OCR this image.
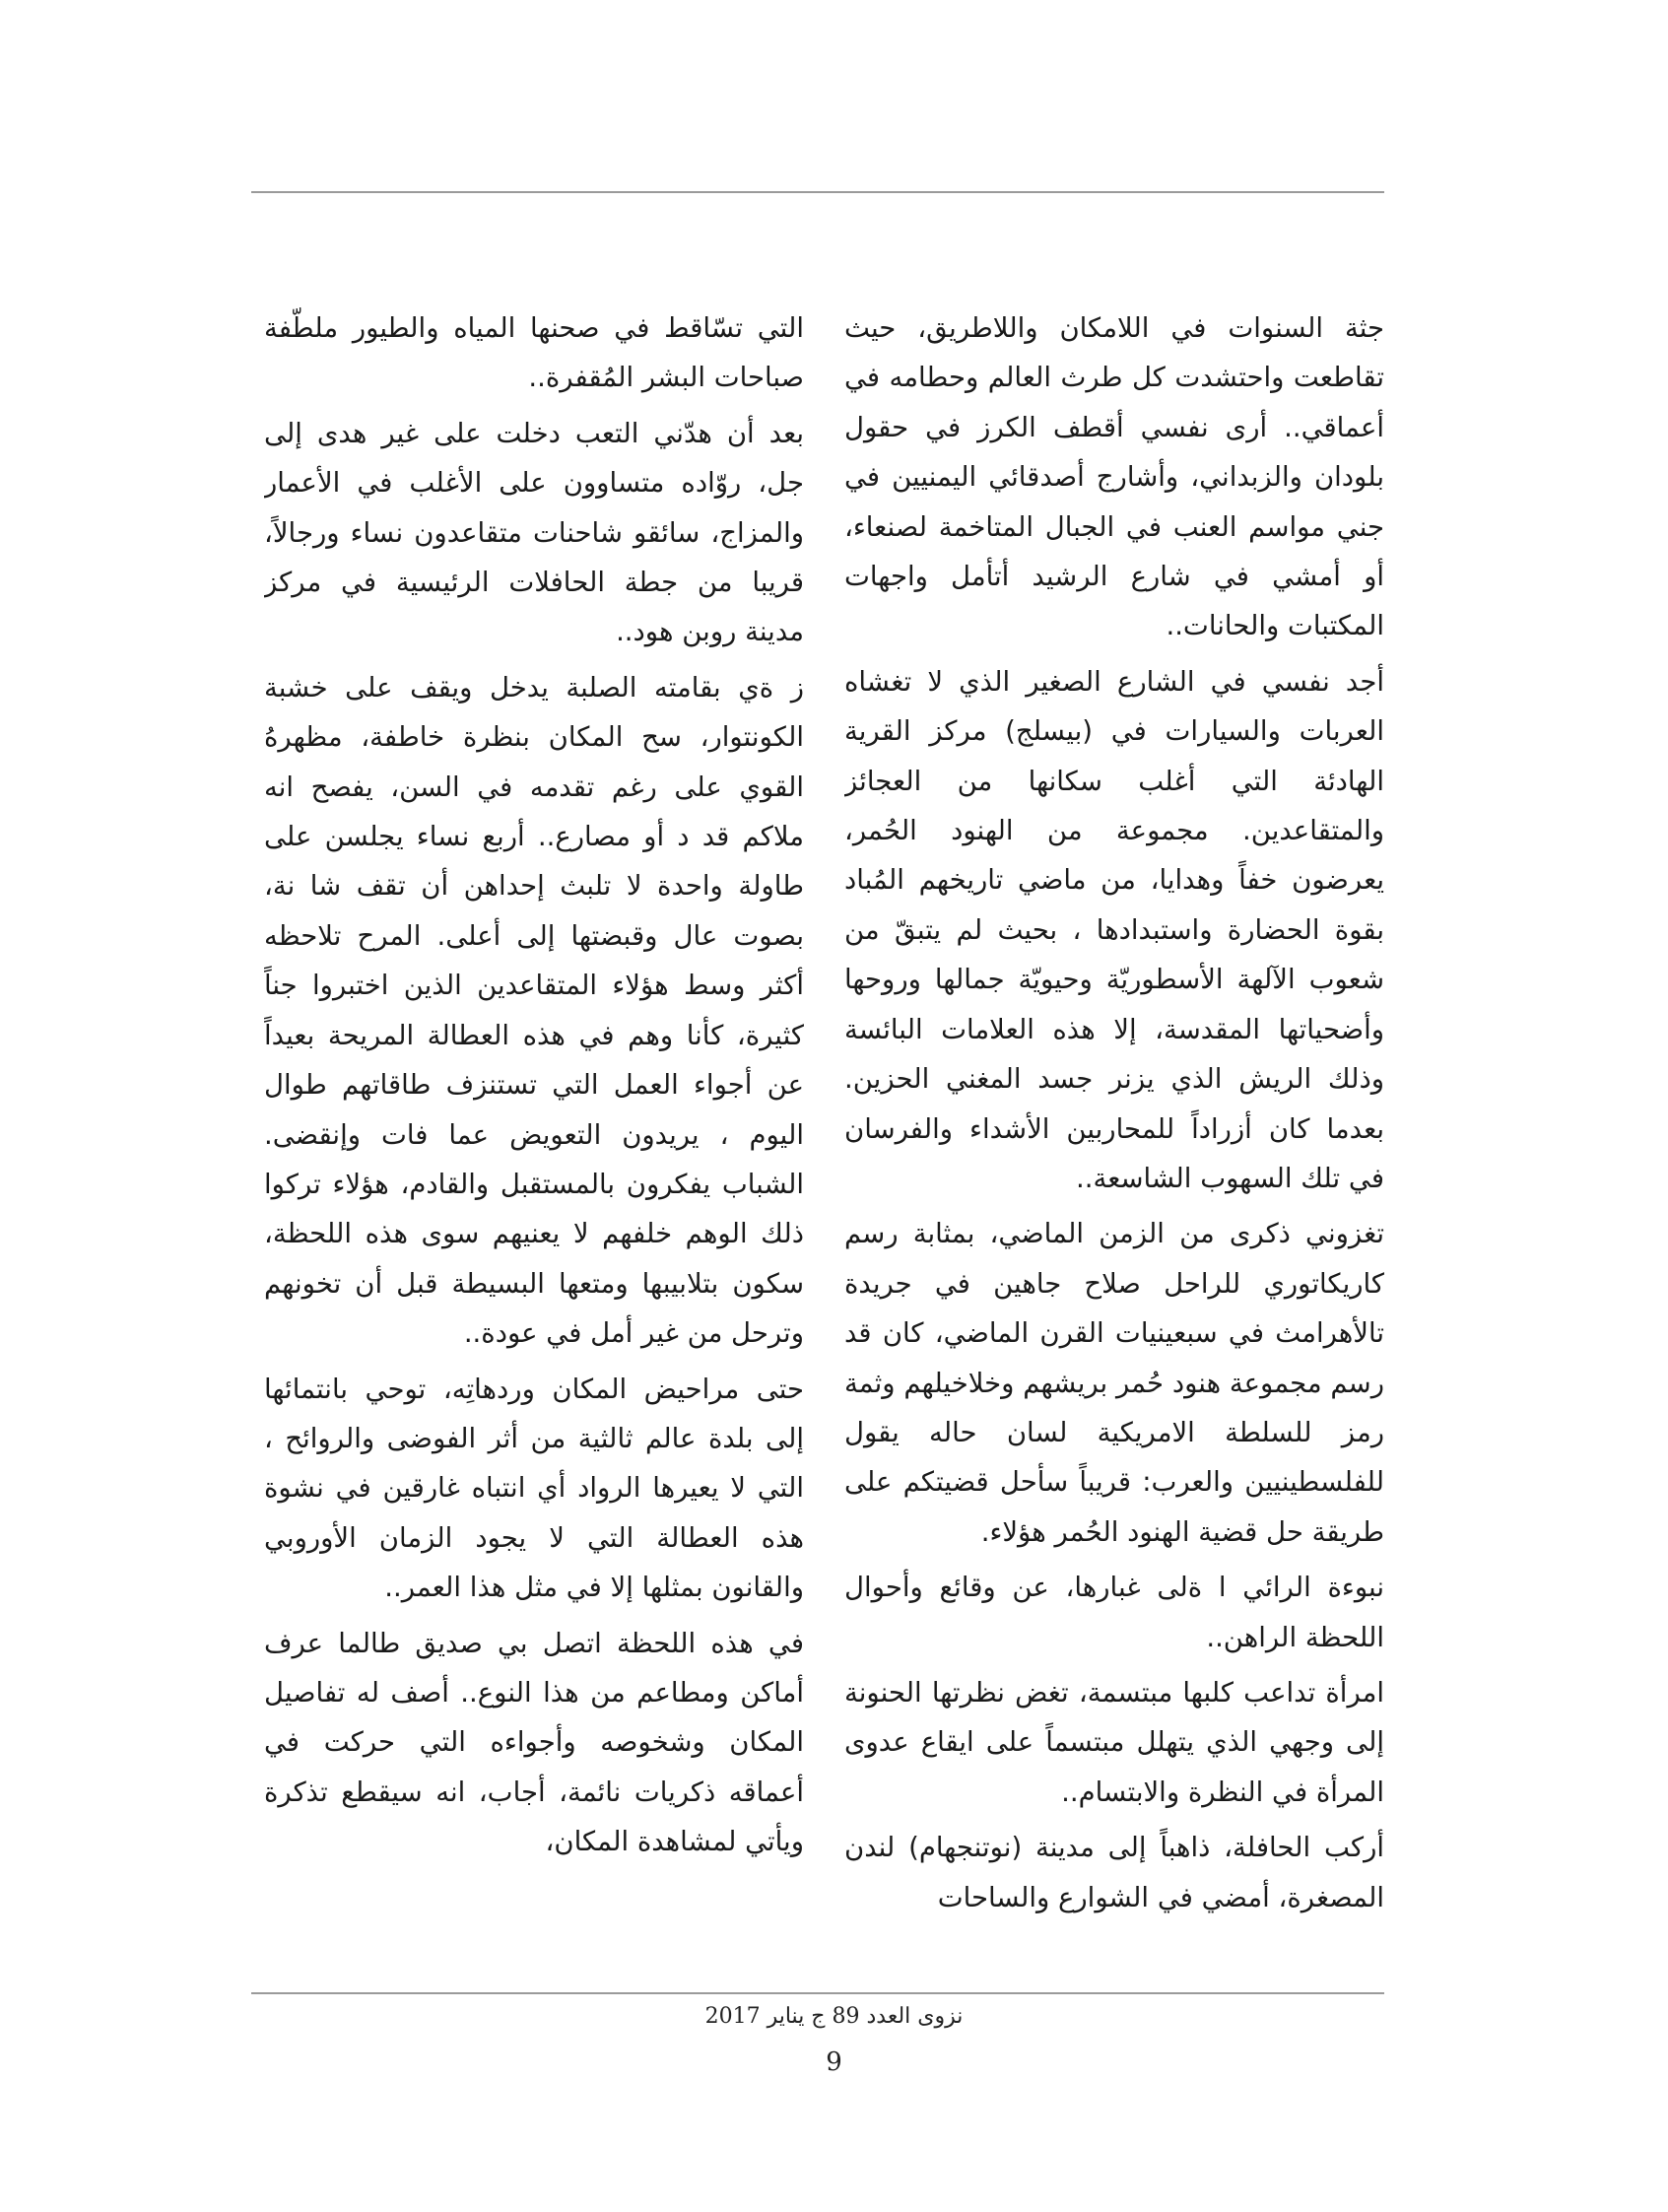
جثة السنوات في اللامكان واللاطريق، حيث تقاطعت واحتشدت كل طرث العالم وحطامه في أعماقي.. أرى نفسي أقطف الكرز في حقول بلودان والزبداني، وأشارج أصدقائي اليمنيين في جني مواسم العنب في الجبال المتاخمة لصنعاء، أو أمشي في شارع الرشيد أتأمل واجهات المكتبات والحانات..

أجد نفسي في الشارع الصغير الذي لا تغشاه العربات والسيارات في (بيسلج) مركز القرية الهادئة التي أغلب سكانها من العجائز والمتقاعدين. مجموعة من الهنود الحُمر، يعرضون خفاً وهدايا، من ماضي تاريخهم المُباد بقوة الحضارة واستبدادها ، بحيث لم يتبقّ من شعوب الآلهة الأسطوريّة وحيويّة جمالها وروحها وأضحياتها المقدسة، إلا هذه العلامات البائسة وذلك الريش الذي يزنر جسد المغني الحزين. بعدما كان أزراداً للمحاربين الأشداء والفرسان في تلك السهوب الشاسعة..

تغزوني ذكرى من الزمن الماضي، بمثابة رسم كاريكاتوري للراحل صلاح جاهين في جريدة تالأهرامث في سبعينيات القرن الماضي، كان قد رسم مجموعة هنود حُمر بريشهم وخلاخيلهم وثمة رمز للسلطة الامريكية لسان حاله يقول للفلسطينيين والعرب: قريباً سأحل قضيتكم على طريقة حل قضية الهنود الحُمر هؤلاء.

نبوءة الرائي ا ةلى غبارها، عن وقائع وأحوال اللحظة الراهن..

امرأة تداعب كلبها مبتسمة، تغض نظرتها الحنونة إلى وجهي الذي يتهلل مبتسماً على ايقاع عدوى المرأة في النظرة والابتسام..

أركب الحافلة، ذاهباً إلى مدينة (نوتنجهام) لندن المصغرة، أمضي في الشوارع والساحات

التي تسّاقط في صحنها المياه والطيور ملطّفة صباحات البشر المُقفرة..

بعد أن هدّني التعب دخلت على غير هدى إلى جل، روّاده متساوون على الأغلب في الأعمار والمزاج، سائقو شاحنات متقاعدون نساء ورجالاً، قريبا من جطة الحافلات الرئيسية في مركز مدينة روبن هود..

ز ةي بقامته الصلبة يدخل ويقف على خشبة الكونتوار، سح المكان بنظرة خاطفة، مظهرهُ القوي على رغم تقدمه في السن، يفصح انه ملاكم قد د أو مصارع.. أربع نساء يجلسن على طاولة واحدة لا تلبث إحداهن أن تقف شا نة، بصوت عال وقبضتها إلى أعلى. المرح تلاحظه أكثر وسط هؤلاء المتقاعدين الذين اختبروا جناً كثيرة، كأنا وهم في هذه العطالة المريحة بعيداً عن أجواء العمل التي تستنزف طاقاتهم طوال اليوم ، يريدون التعويض عما فات وإنقضى. الشباب يفكرون بالمستقبل والقادم، هؤلاء تركوا ذلك الوهم خلفهم لا يعنيهم سوى هذه اللحظة، سكون بتلابيبها ومتعها البسيطة قبل أن تخونهم وترحل من غير أمل في عودة..

حتى مراحيض المكان وردهاتِه، توحي بانتمائها إلى بلدة عالم ثالثية من أثر الفوضى والروائح ، التي لا يعيرها الرواد أي انتباه غارقين في نشوة هذه العطالة التي لا يجود الزمان الأوروبي والقانون بمثلها إلا في مثل هذا العمر..

في هذه اللحظة اتصل بي صديق طالما عرف أماكن ومطاعم من هذا النوع.. أصف له تفاصيل المكان وشخوصه وأجواءه التي حركت في أعماقه ذكريات نائمة، أجاب، انه سيقطع تذكرة ويأتي لمشاهدة المكان،

نزوى العدد 89 ج يناير 2017
9
